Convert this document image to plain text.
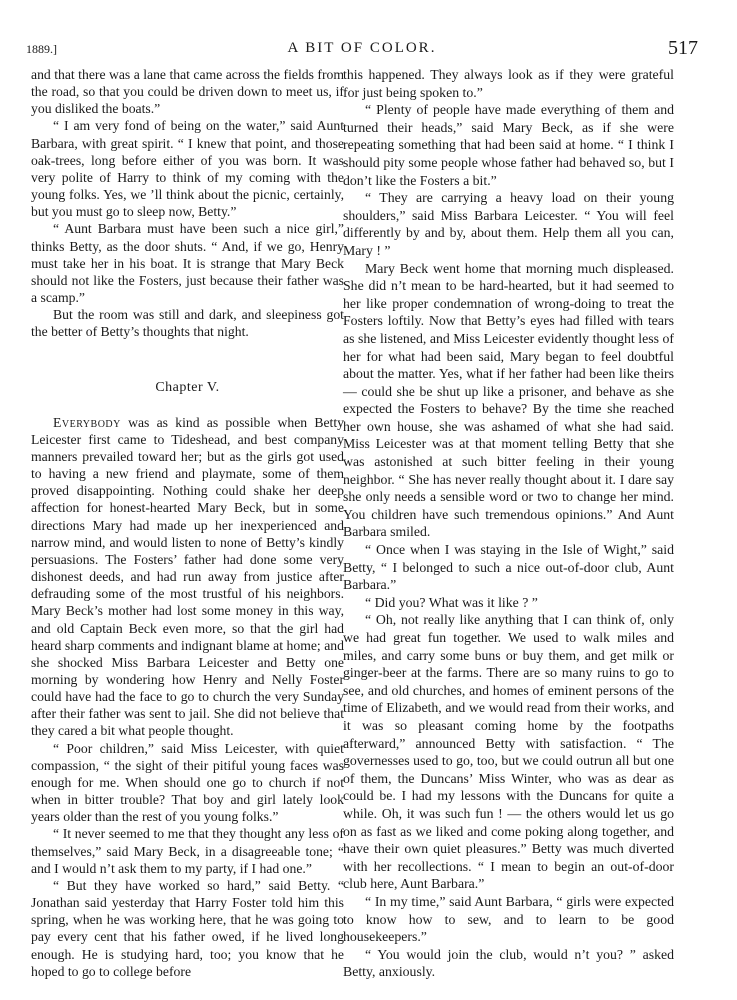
1889.]	A BIT OF COLOR.	517

and that there was a lane that came across the fields from the road, so that you could be driven down to meet us, if you disliked the boats.”

“ I am very fond of being on the water,” said Aunt Barbara, with great spirit. “ I knew that point, and those oak-trees, long before either of you was born. It was very polite of Harry to think of my coming with the young folks. Yes, we ’ll think about the picnic, certainly, but you must go to sleep now, Betty.”

“ Aunt Barbara must have been such a nice girl,” thinks Betty, as the door shuts. “ And, if we go, Henry must take her in his boat. It is strange that Mary Beck should not like the Fosters, just because their father was a scamp.”

But the room was still and dark, and sleepiness got the better of Betty’s thoughts that night.

Chapter V.

Everybody was as kind as possible when Betty Leicester first came to Tideshead, and best company manners prevailed toward her; but as the girls got used to having a new friend and playmate, some of them proved disappointing. Nothing could shake her deep affection for honest-hearted Mary Beck, but in some directions Mary had made up her inexperienced and narrow mind, and would listen to none of Betty’s kindly persuasions. The Fosters’ father had done some very dishonest deeds, and had run away from justice after defrauding some of the most trustful of his neighbors. Mary Beck’s mother had lost some money in this way, and old Captain Beck even more, so that the girl had heard sharp comments and indignant blame at home; and she shocked Miss Barbara Leicester and Betty one morning by wondering how Henry and Nelly Foster could have had the face to go to church the very Sunday after their father was sent to jail. She did not believe that they cared a bit what people thought.

“ Poor children,” said Miss Leicester, with quiet compassion, “ the sight of their pitiful young faces was enough for me. When should one go to church if not when in bitter trouble? That boy and girl lately look years older than the rest of you young folks.”

“ It never seemed to me that they thought any less of themselves,” said Mary Beck, in a disagreeable tone; “ and I would n’t ask them to my party, if I had one.”

“ But they have worked so hard,” said Betty. “ Jonathan said yesterday that Harry Foster told him this spring, when he was working here, that he was going to pay every cent that his father owed, if he lived long enough. He is studying hard, too; you know that he hoped to go to college before

this happened. They always look as if they were grateful for just being spoken to.”

“ Plenty of people have made everything of them and turned their heads,” said Mary Beck, as if she were repeating something that had been said at home. “ I think I should pity some people whose father had behaved so, but I don’t like the Fosters a bit.”

“ They are carrying a heavy load on their young shoulders,” said Miss Barbara Leicester. “ You will feel differently by and by, about them. Help them all you can, Mary ! ”

Mary Beck went home that morning much displeased. She did n’t mean to be hard-hearted, but it had seemed to her like proper condemnation of wrong-doing to treat the Fosters loftily. Now that Betty’s eyes had filled with tears as she listened, and Miss Leicester evidently thought less of her for what had been said, Mary began to feel doubtful about the matter. Yes, what if her father had been like theirs — could she be shut up like a prisoner, and behave as she expected the Fosters to behave? By the time she reached her own house, she was ashamed of what she had said. Miss Leicester was at that moment telling Betty that she was astonished at such bitter feeling in their young neighbor. “ She has never really thought about it. I dare say she only needs a sensible word or two to change her mind. You children have such tremendous opinions.” And Aunt Barbara smiled.

“ Once when I was staying in the Isle of Wight,” said Betty, “ I belonged to such a nice out-of-door club, Aunt Barbara.”

“ Did you? What was it like ? ”

“ Oh, not really like anything that I can think of, only we had great fun together. We used to walk miles and miles, and carry some buns or buy them, and get milk or ginger-beer at the farms. There are so many ruins to go to see, and old churches, and homes of eminent persons of the time of Elizabeth, and we would read from their works, and it was so pleasant coming home by the footpaths afterward,” announced Betty with satisfaction. “ The governesses used to go, too, but we could outrun all but one of them, the Duncans’ Miss Winter, who was as dear as could be. I had my lessons with the Duncans for quite a while. Oh, it was such fun ! — the others would let us go on as fast as we liked and come poking along together, and have their own quiet pleasures.” Betty was much diverted with her recollections. “ I mean to begin an out-of-door club here, Aunt Barbara.”

“ In my time,” said Aunt Barbara, “ girls were expected to know how to sew, and to learn to be good housekeepers.”

“ You would join the club, would n’t you? ” asked Betty, anxiously.
